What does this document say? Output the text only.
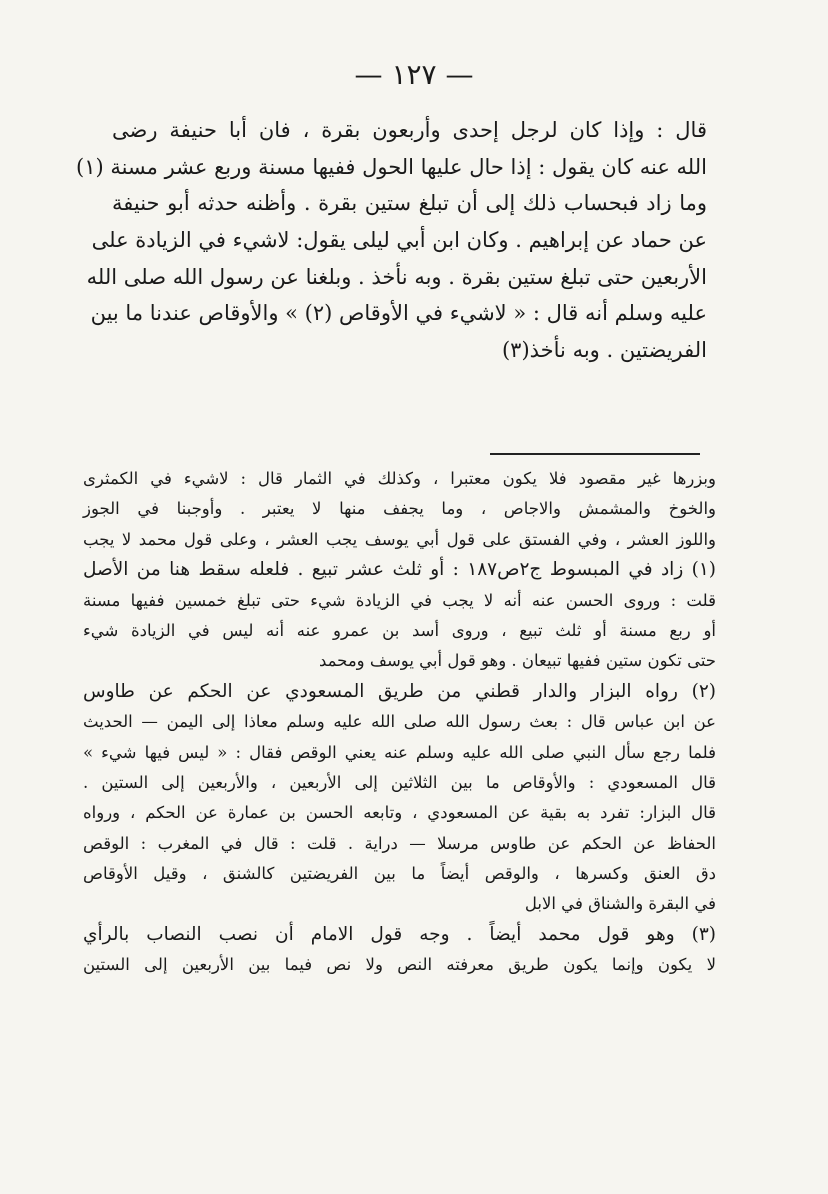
— ١٢٧ —
قال : وإذا كان لرجل إحدى وأربعون بقرة ، فان أبا حنيفة رضى
الله عنه كان يقول : إذا حال عليها الحول ففيها مسنة وربع عشر مسنة (١)
وما زاد فبحساب ذلك إلى أن تبلغ ستين بقرة . وأظنه حدثه أبو حنيفة
عن حماد عن إبراهيم . وكان ابن أبي ليلى يقول: لاشيء في الزيادة على
الأربعين حتى تبلغ ستين بقرة . وبه نأخذ . وبلغنا عن رسول الله صلى الله
عليه وسلم أنه قال : « لاشيء في الأوقاص (٢) » والأوقاص عندنا ما بين
الفريضتين . وبه نأخذ(٣)
وبزرها غير مقصود فلا يكون معتبرا ، وكذلك في الثمار قال : لاشيء في الكمثرى
والخوخ والمشمش والاجاص ، وما يجفف منها لا يعتبر . وأوجبنا في الجوز
واللوز العشر ، وفي الفستق على قول أبي يوسف يجب العشر ، وعلى قول محمد لا يجب
(١) زاد في المبسوط ج٢ص١٨٧ : أو ثلث عشر تبيع . فلعله سقط هنا من الأصل
قلت : وروى الحسن عنه أنه لا يجب في الزيادة شيء حتى تبلغ خمسين ففيها مسنة
أو ربع مسنة أو ثلث تبيع ، وروى أسد بن عمرو عنه أنه ليس في الزيادة شيء
حتى تكون ستين ففيها تبيعان . وهو قول أبي يوسف ومحمد
(٢) رواه البزار والدار قطني من طريق المسعودي عن الحكم عن طاوس
عن ابن عباس قال : بعث رسول الله صلى الله عليه وسلم معاذا إلى اليمن — الحديث
فلما رجع سأل النبي صلى الله عليه وسلم عنه يعني الوقص فقال : « ليس فيها شيء »
قال المسعودي : والأوقاص ما بين الثلاثين إلى الأربعين ، والأربعين إلى الستين .
قال البزار: تفرد به بقية عن المسعودي ، وتابعه الحسن بن عمارة عن الحكم ، ورواه
الحفاظ عن الحكم عن طاوس مرسلا — دراية . قلت : قال في المغرب : الوقص
دق العنق وكسرها ، والوقص أيضاً ما بين الفريضتين كالشنق ، وقيل الأوقاص
في البقرة والشناق في الابل
(٣) وهو قول محمد أيضاً . وجه قول الامام أن نصب النصاب بالرأي
لا يكون وإنما يكون طريق معرفته النص ولا نص فيما بين الأربعين إلى الستين
